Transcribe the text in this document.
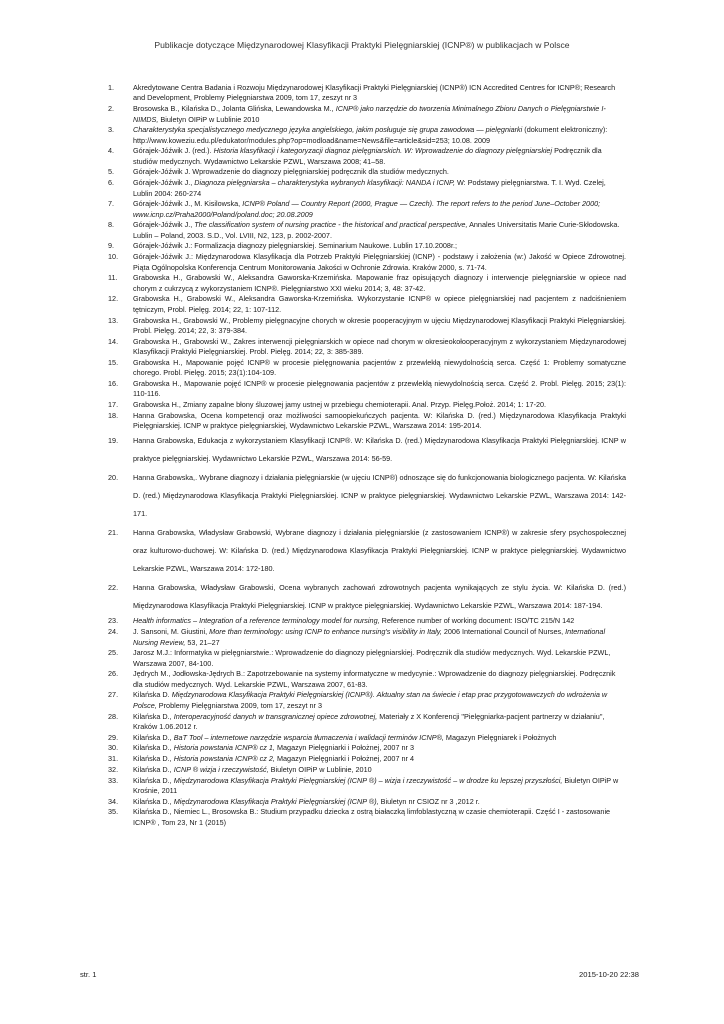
Publikacje dotyczące Międzynarodowej Klasyfikacji Praktyki Pielęgniarskiej (ICNP®) w publikacjach w Polsce
1.	Akredytowane Centra Badania i Rozwoju Międzynarodowej Klasyfikacji Praktyki Pielęgniarskiej (ICNP®) ICN Accredited Centres for ICNP®; Research and Development, Problemy Pielęgniarstwa 2009, tom 17, zeszyt nr 3
2.	Brosowska B., Kilańska D., Jolanta Glińska, Lewandowska M., ICNP® jako narzędzie do tworzenia Minimalnego Zbioru Danych o Pielęgniarstwie I-NIMDS, Biuletyn OIPiP w Lublinie 2010
3.	Charakterystyka specjalistycznego medycznego języka angielskiego, jakim posługuje się grupa zawodowa — pielęgniarki (dokument elektroniczny): http://www.koweziu.edu.pl/edukator/modules.php?op=modload&name=News&file=article&sid=253; 10.08. 2009
4.	Górajek-Jóźwik J. (red.). Historia klasyfikacji i kategoryzacji diagnoz pielęgniarskich. W: Wprowadzenie do diagnozy pielęgniarskiej Podręcznik dla studiów medycznych. Wydawnictwo Lekarskie PZWL, Warszawa 2008; 41–58.
5.	Górajek-Jóźwik J. Wprowadzenie do diagnozy pielęgniarskiej podręcznik dla studiów medycznych.
6.	Górajek-Jóźwik J., Diagnoza pielęgniarska – charakterystyka wybranych klasyfikacji: NANDA i ICNP, W: Podstawy pielęgniarstwa. T. I. Wyd. Czelej, Lublin 2004: 260-274
7.	Górajek-Jóźwik J., M. Kisilowska, ICNP® Poland — Country Report (2000, Prague — Czech). The report refers to the period June–October 2000; www.icnp.cz/Praha2000/Poland/poland.doc; 20.08.2009
8.	Górajek-Jóźwik J., The classification system of nursing practice - the historical and practical perspective, Annales Universitatis Marie Curie-Skłodowska. Lublin – Poland, 2003. S.D., Vol. LVIII, N2, 123, p. 2002-2007.
9.	Górajek-Jóźwik J.: Formalizacja diagnozy pielęgniarskiej. Seminarium Naukowe. Lublin 17.10.2008r.;
10.	Górajek-Jóźwik J.: Międzynarodowa Klasyfikacja dla Potrzeb Praktyki Pielęgniarskiej (ICNP) - podstawy i założenia (w:) Jakość w Opiece Zdrowotnej. Piąta Ogólnopolska Konferencja Centrum Monitorowania Jakości w Ochronie Zdrowia. Kraków 2000, s. 71-74.
11.	Grabowska H., Grabowski W., Aleksandra Gaworska-Krzemińska. Mapowanie fraz opisujących diagnozy i interwencje pielęgniarskie w opiece nad chorym z cukrzycą z wykorzystaniem ICNP®. Pielęgniarstwo XXI wieku 2014; 3, 48: 37-42.
12.	Grabowska H., Grabowski W., Aleksandra Gaworska-Krzemińska. Wykorzystanie ICNP® w opiece pielęgniarskiej nad pacjentem z nadciśnieniem tętniczym, Probl. Pielęg. 2014; 22, 1: 107-112.
13.	Grabowska H., Grabowski W., Problemy pielęgnacyjne chorych w okresie pooperacyjnym w ujęciu Międzynarodowej Klasyfikacji Praktyki Pielęgniarskiej. Probl. Pielęg. 2014; 22, 3: 379-384.
14.	Grabowska H., Grabowski W., Zakres interwencji pielęgniarskich w opiece nad chorym w okresieokołooperacyjnym z wykorzystaniem Międzynarodowej Klasyfikacji Praktyki Pielęgniarskiej. Probl. Pielęg. 2014; 22, 3: 385-389.
15.	Grabowska H., Mapowanie pojęć ICNP® w procesie pielęgnowania pacjentów z przewlekłą niewydolnością serca. Część 1: Problemy somatyczne chorego. Probl. Pielęg. 2015; 23(1):104-109.
16.	Grabowska H., Mapowanie pojęć ICNP® w procesie pielęgnowania pacjentów z przewlekłą niewydolnością serca. Część 2. Probl. Pielęg. 2015; 23(1): 110-116.
17.	Grabowska H., Zmiany zapalne błony śluzowej jamy ustnej w przebiegu chemioterapii. Anal. Przyp. Pielęg.Położ. 2014; 1: 17-20.
18.	Hanna Grabowska, Ocena kompetencji oraz możliwości samoopiekuńczych pacjenta. W: Kilańska D. (red.) Międzynarodowa Klasyfikacja Praktyki Pielęgniarskiej. ICNP w praktyce pielęgniarskiej, Wydawnictwo Lekarskie PZWL, Warszawa 2014: 195-2014.
19.	Hanna Grabowska, Edukacja z wykorzystaniem Klasyfikacji ICNP®. W: Kilańska D. (red.) Międzynarodowa Klasyfikacja Praktyki Pielęgniarskiej. ICNP w praktyce pielęgniarskiej. Wydawnictwo Lekarskie PZWL, Warszawa 2014: 56-59.
20.	Hanna Grabowska,. Wybrane diagnozy i działania pielęgniarskie (w ujęciu ICNP®) odnoszące się do funkcjonowania biologicznego pacjenta. W: Kilańska D. (red.) Międzynarodowa Klasyfikacja Praktyki Pielęgniarskiej. ICNP w praktyce pielęgniarskiej. Wydawnictwo Lekarskie PZWL, Warszawa 2014: 142-171.
21.	Hanna Grabowska, Władysław Grabowski, Wybrane diagnozy i działania pielęgniarskie (z zastosowaniem ICNP®) w zakresie sfery psychospołecznej oraz kulturowo-duchowej. W: Kilańska D. (red.) Międzynarodowa Klasyfikacja Praktyki Pielęgniarskiej. ICNP w praktyce pielęgniarskiej. Wydawnictwo Lekarskie PZWL, Warszawa 2014: 172-180.
22.	Hanna Grabowska, Władysław Grabowski, Ocena wybranych zachowań zdrowotnych pacjenta wynikających ze stylu życia. W: Kilańska D. (red.) Międzynarodowa Klasyfikacja Praktyki Pielęgniarskiej. ICNP w praktyce pielęgniarskiej. Wydawnictwo Lekarskie PZWL, Warszawa 2014: 187-194.
23.	Health informatics – Integration of a reference terminology model for nursing, Reference number of working document: ISO/TC 215/N 142
24.	J. Sansoni, M. Giustini, More than terminology: using ICNP to enhance nursing's visibility in Italy, 2006 International Council of Nurses, International Nursing Review, 53, 21–27
25.	Jarosz M.J.: Informatyka w pielęgniarstwie.: Wprowadzenie do diagnozy pielęgniarskiej. Podręcznik dla studiów medycznych. Wyd. Lekarskie PZWL, Warszawa 2007, 84-100.
26.	Jędrych M., Jodłowska-Jędrych B.: Zapotrzebowanie na systemy informatyczne w medycynie.: Wprowadzenie do diagnozy pielęgniarskiej. Podręcznik dla studiów medycznych. Wyd. Lekarskie PZWL, Warszawa 2007, 61-83.
27.	Kilańska D. Międzynarodowa Klasyfikacja Praktyki Pielęgniarskiej (ICNP®). Aktualny stan na świecie i etap prac przygotowawczych do wdrożenia w Polsce, Problemy Pielęgniarstwa 2009, tom 17, zeszyt nr 3
28.	Kilańska D., Interoperacyjność danych w transgranicznej opiece zdrowotnej, Materiały z X Konferencji "Pielęgniarka-pacjent partnerzy w działaniu", Kraków 1.06.2012 r.
29.	Kilańska D., BaT Tool – internetowe narzędzie wsparcia tłumaczenia i walidacji terminów ICNP®, Magazyn Pielęgniarek i Położnych
30.	Kilańska D., Historia powstania ICNP® cz 1, Magazyn Pielęgniarki i Położnej, 2007 nr 3
31.	Kilańska D., Historia powstania ICNP® cz 2, Magazyn Pielęgniarki i Położnej, 2007 nr 4
32.	Kilańska D., ICNP ® wizja i rzeczywistość, Biuletyn OIPiP w Lublinie, 2010
33.	Kilańska D., Międzynarodowa Klasyfikacja Praktyki Pielęgniarskiej (ICNP ®) – wizja i rzeczywistość – w drodze ku lepszej przyszłości, Biuletyn OIPiP w Krośnie, 2011
34.	Kilańska D., Międzynarodowa Klasyfikacja Praktyki Pielęgniarskiej (ICNP ®), Biuletyn nr CSIOZ nr 3 ,2012 r.
35.	Kilańska D., Niemiec L., Brosowska B.: Studium przypadku dziecka z ostrą białaczką limfoblastyczną w czasie chemioterapii. Część I - zastosowanie ICNP® , Tom 23, Nr 1 (2015)
str. 1	2015-10-20 22:38
